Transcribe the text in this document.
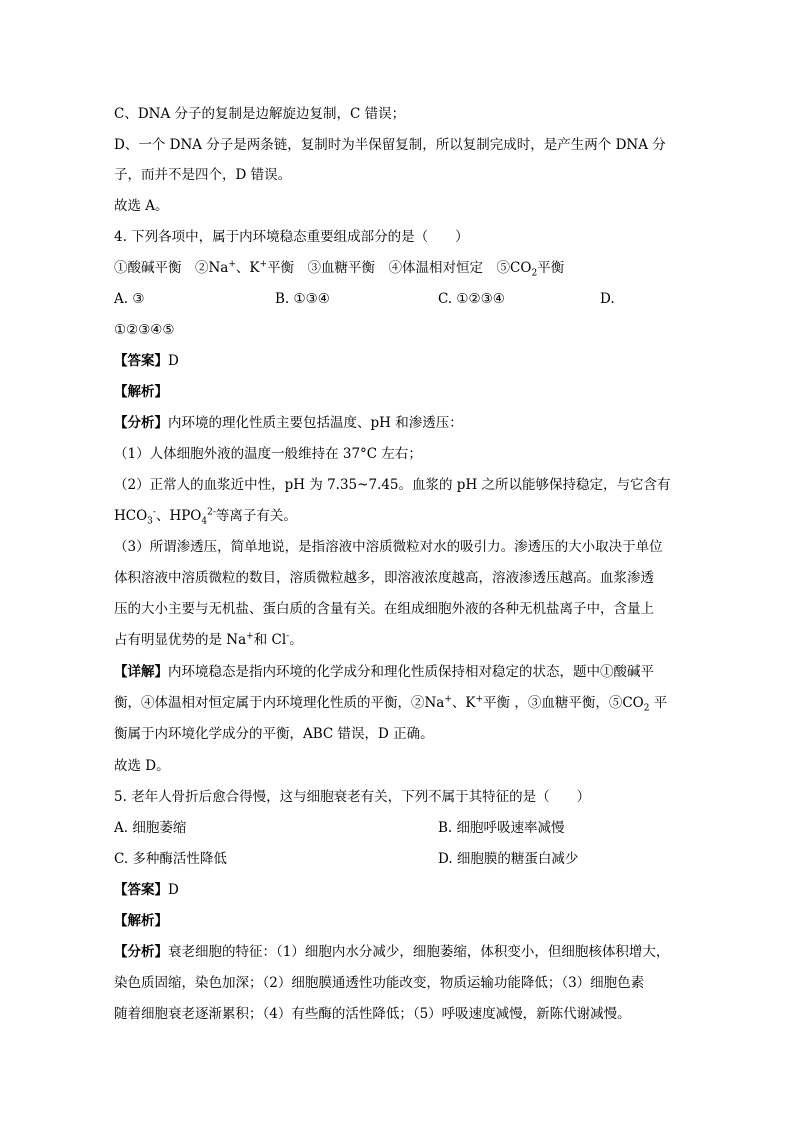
C、DNA 分子的复制是边解旋边复制，C 错误；
D、一个 DNA 分子是两条链，复制时为半保留复制，所以复制完成时，是产生两个 DNA 分
子，而并不是四个，D 错误。
故选 A。
4. 下列各项中，属于内环境稳态重要组成部分的是（　　）
①酸碱平衡　②Na+、K+平衡　③血糖平衡　④体温相对恒定　$⑤CO_2$平衡
A. ③	B. ①③④	C. ①②③④	D.
①②③④⑤
【答案】D
【解析】
【分析】内环境的理化性质主要包括温度、pH 和渗透压：
（1）人体细胞外液的温度一般维持在 37°C 左右；
（2）正常人的血浆近中性，pH 为 7.35~7.45。血浆的 pH 之所以能够保持稳定，与它含有
$HCO_3^-$、$HPO_4^{2-}$等离子有关。
（3）所谓渗透压，简单地说，是指溶液中溶质微粒对水的吸引力。渗透压的大小取决于单位
体积溶液中溶质微粒的数目，溶质微粒越多，即溶液浓度越高，溶液渗透压越高。血浆渗透
压的大小主要与无机盐、蛋白质的含量有关。在组成细胞外液的各种无机盐离子中，含量上
占有明显优势的是 Na+和 Cl-。
【详解】内环境稳态是指内环境的化学成分和理化性质保持相对稳定的状态，题中①酸碱平
衡，④体温相对恒定属于内环境理化性质的平衡，②Na+、K+平衡 ，③血糖平衡，$⑤CO_2$ 平
衡属于内环境化学成分的平衡，ABC 错误，D 正确。
故选 D。
5. 老年人骨折后愈合得慢，这与细胞衰老有关，下列不属于其特征的是（　　）
A. 细胞萎缩	B. 细胞呼吸速率减慢
C. 多种酶活性降低	D. 细胞膜的糖蛋白减少
【答案】D
【解析】
【分析】衰老细胞的特征：（1）细胞内水分减少，细胞萎缩，体积变小，但细胞核体积增大，
染色质固缩，染色加深；（2）细胞膜通透性功能改变，物质运输功能降低；（3）细胞色素
随着细胞衰老逐渐累积；（4）有些酶的活性降低；（5）呼吸速度减慢，新陈代谢减慢。
